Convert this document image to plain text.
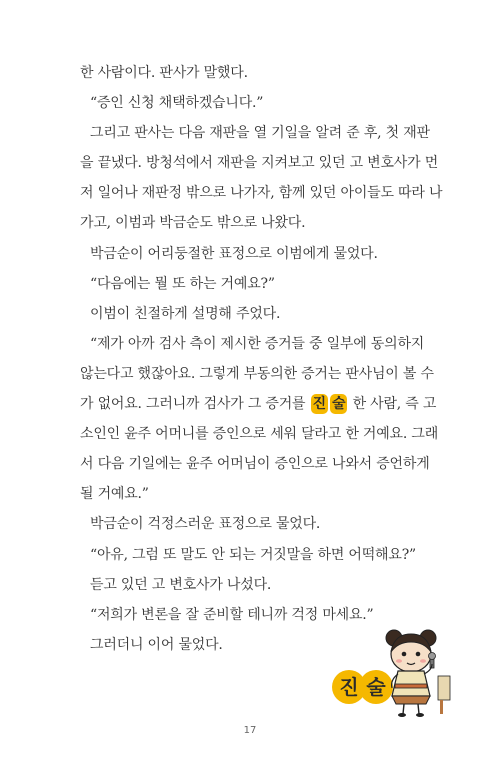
한 사람이다. 판사가 말했다.
“증인 신청 채택하겠습니다.”
그리고 판사는 다음 재판을 열 기일을 알려 준 후, 첫 재판
을 끝냈다. 방청석에서 재판을 지켜보고 있던 고 변호사가 먼
저 일어나 재판정 밖으로 나가자, 함께 있던 아이들도 따라 나
가고, 이범과 박금순도 밖으로 나왔다.
박금순이 어리둥절한 표정으로 이범에게 물었다.
“다음에는 뭘 또 하는 거예요?”
이범이 친절하게 설명해 주었다.
“제가 아까 검사 측이 제시한 증거들 중 일부에 동의하지
않는다고 했잖아요. 그렇게 부동의한 증거는 판사님이 볼 수
가 없어요. 그러니까 검사가 그 증거를 진 술 한 사람, 즉 고
소인인 윤주 어머니를 증인으로 세워 달라고 한 거예요. 그래
서 다음 기일에는 윤주 어머님이 증인으로 나와서 증언하게
될 거예요.”
박금순이 걱정스러운 표정으로 물었다.
“아유, 그럼 또 말도 안 되는 거짓말을 하면 어떡해요?”
듣고 있던 고 변호사가 나섰다.
“저희가 변론을 잘 준비할 테니까 걱정 마세요.”
그러더니 이어 물었다.
진 술
17
